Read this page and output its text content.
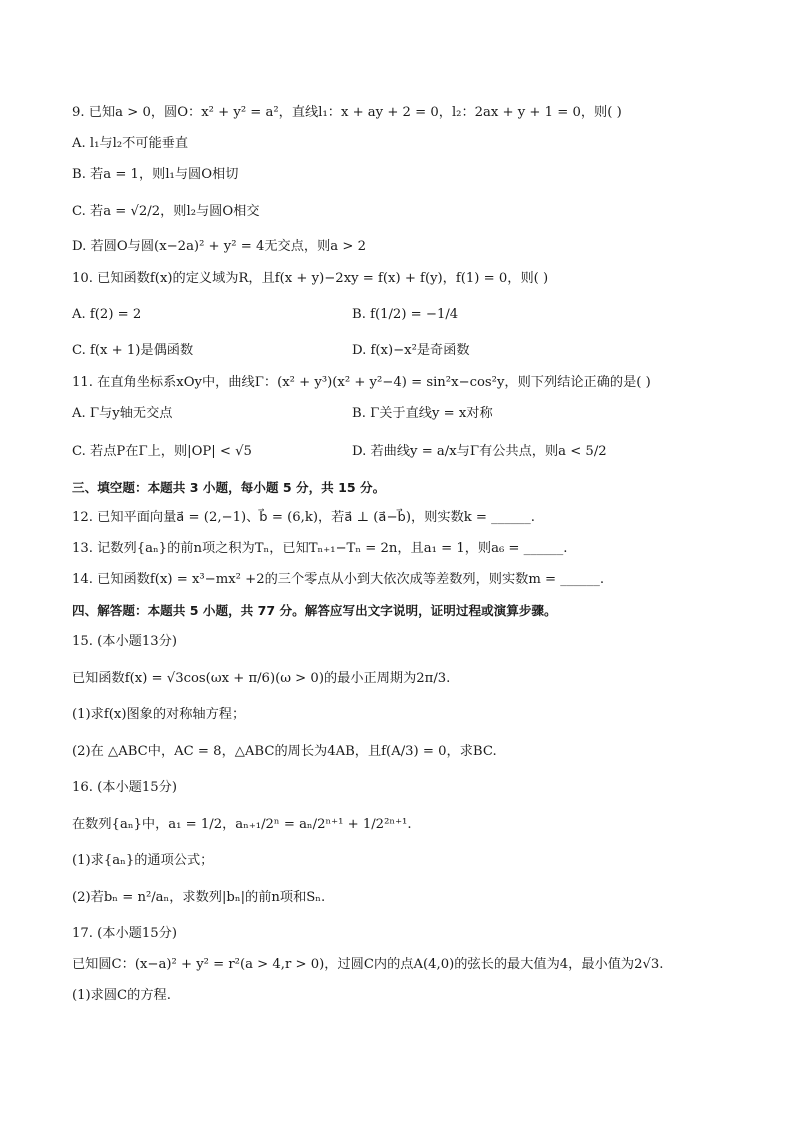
9. 已知a > 0，圆O：x² + y² = a²，直线l₁：x + ay + 2 = 0，l₂：2ax + y + 1 = 0，则( )
A. l₁与l₂不可能垂直
B. 若a = 1，则l₁与圆O相切
C. 若a = √2/2，则l₂与圆O相交
D. 若圆O与圆(x−2a)² + y² = 4无交点，则a > 2
10. 已知函数f(x)的定义域为R，且f(x + y)−2xy = f(x) + f(y)，f(1) = 0，则( )
A. f(2) = 2	B. f(1/2) = −1/4
C. f(x + 1)是偶函数	D. f(x)−x²是奇函数
11. 在直角坐标系xOy中，曲线Γ：(x² + y³)(x² + y²−4) = sin²x−cos²y，则下列结论正确的是( )
A. Γ与y轴无交点	B. Γ关于直线y = x对称
C. 若点P在Γ上，则|OP| < √5	D. 若曲线y = a/x与Γ有公共点，则a < 5/2
三、填空题：本题共 3 小题，每小题 5 分，共 15 分。
12. 已知平面向量a⃗ = (2,−1)、b⃗ = (6,k)，若a⃗ ⊥ (a⃗−b⃗)，则实数k = ______.
13. 记数列{aₙ}的前n项之积为Tₙ，已知Tₙ₊₁−Tₙ = 2n，且a₁ = 1，则a₆ = ______.
14. 已知函数f(x) = x³−mx² +2的三个零点从小到大依次成等差数列，则实数m = ______.
四、解答题：本题共 5 小题，共 77 分。解答应写出文字说明，证明过程或演算步骤。
15. (本小题13分)
已知函数f(x) = √3cos(ωx + π/6)(ω > 0)的最小正周期为2π/3.
(1)求f(x)图象的对称轴方程；
(2)在 △ABC中，AC = 8，△ABC的周长为4AB，且f(A/3) = 0，求BC.
16. (本小题15分)
在数列{aₙ}中，a₁ = 1/2，aₙ₊₁/2ⁿ = aₙ/2ⁿ⁺¹ + 1/2²ⁿ⁺¹.
(1)求{aₙ}的通项公式；
(2)若bₙ = n²/aₙ，求数列|bₙ|的前n项和Sₙ.
17. (本小题15分)
已知圆C：(x−a)² + y² = r²(a > 4,r > 0)，过圆C内的点A(4,0)的弦长的最大值为4，最小值为2√3.
(1)求圆C的方程.
